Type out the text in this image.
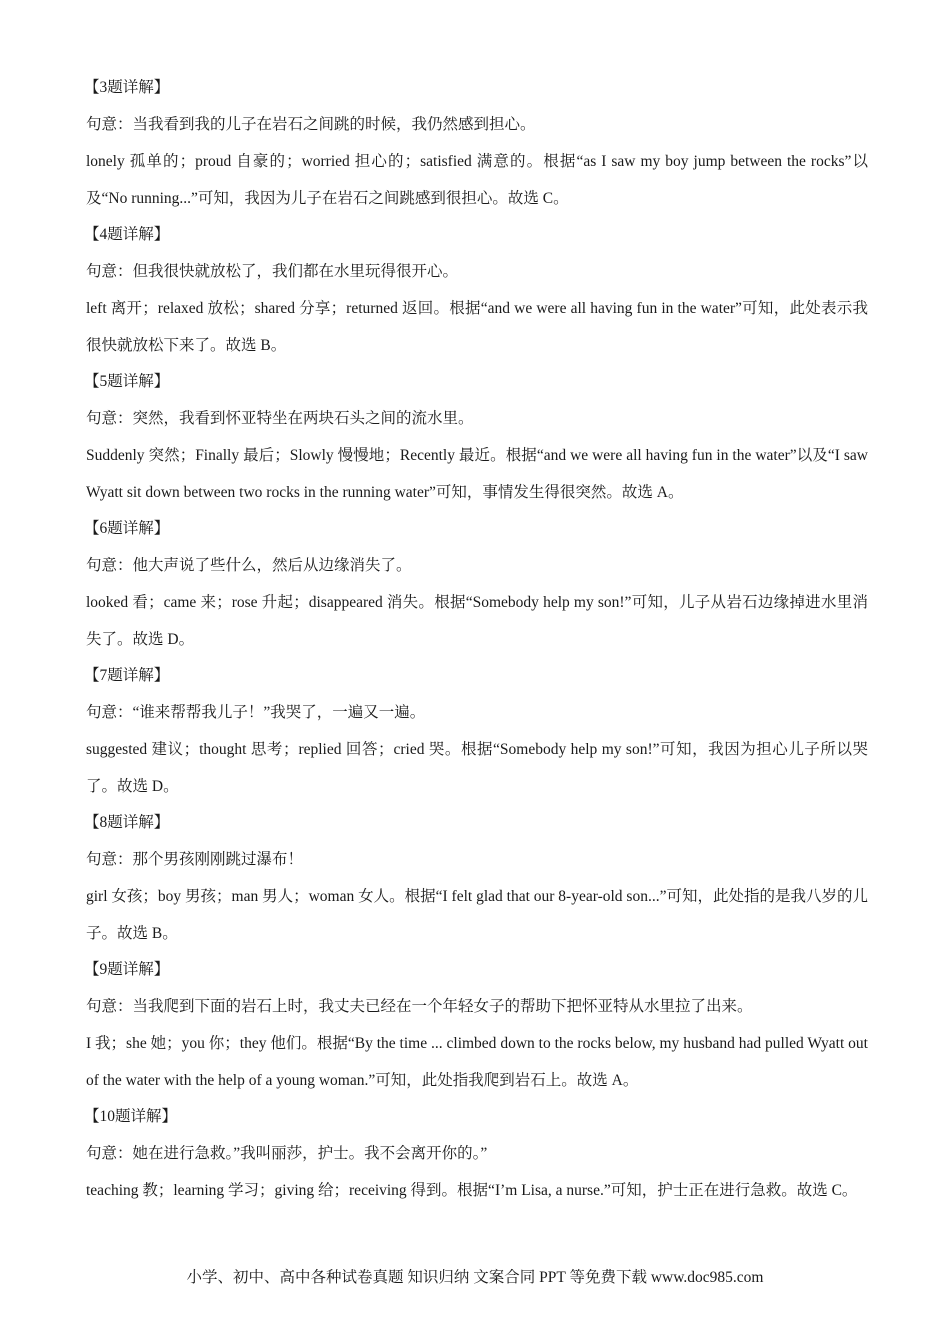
【3题详解】
句意：当我看到我的儿子在岩石之间跳的时候，我仍然感到担心。
lonely 孤单的；proud 自豪的；worried 担心的；satisfied 满意的。根据“as I saw my boy jump between the rocks”以及“No running...”可知，我因为儿子在岩石之间跳感到很担心。故选 C。
【4题详解】
句意：但我很快就放松了，我们都在水里玩得很开心。
left 离开；relaxed 放松；shared 分享；returned 返回。根据“and we were all having fun in the water”可知，此处表示我很快就放松下来了。故选 B。
【5题详解】
句意：突然，我看到怀亚特坐在两块石头之间的流水里。
Suddenly 突然；Finally 最后；Slowly 慢慢地；Recently 最近。根据“and we were all having fun in the water”以及“I saw Wyatt sit down between two rocks in the running water”可知，事情发生得很突然。故选 A。
【6题详解】
句意：他大声说了些什么，然后从边缘消失了。
looked 看；came 来；rose 升起；disappeared 消失。根据“Somebody help my son!”可知，儿子从岩石边缘掉进水里消失了。故选 D。
【7题详解】
句意：“谁来帮帮我儿子！”我哭了，一遍又一遍。
suggested 建议；thought 思考；replied 回答；cried 哭。根据“Somebody help my son!”可知，我因为担心儿子所以哭了。故选 D。
【8题详解】
句意：那个男孩刚刚跳过瀑布！
girl 女孩；boy 男孩；man 男人；woman 女人。根据“I felt glad that our 8-year-old son...”可知，此处指的是我八岁的儿子。故选 B。
【9题详解】
句意：当我爬到下面的岩石上时，我丈夫已经在一个年轻女子的帮助下把怀亚特从水里拉了出来。
I 我；she 她；you 你；they 他们。根据“By the time ... climbed down to the rocks below, my husband had pulled Wyatt out of the water with the help of a young woman.”可知，此处指我爬到岩石上。故选 A。
【10题详解】
句意：她在进行急救。”我叫丽莎，护士。我不会离开你的。”
teaching 教；learning 学习；giving 给；receiving 得到。根据“I’m Lisa, a nurse.”可知，护士正在进行急救。故选 C。
小学、初中、高中各种试卷真题 知识归纳 文案合同 PPT 等免费下载 www.doc985.com
